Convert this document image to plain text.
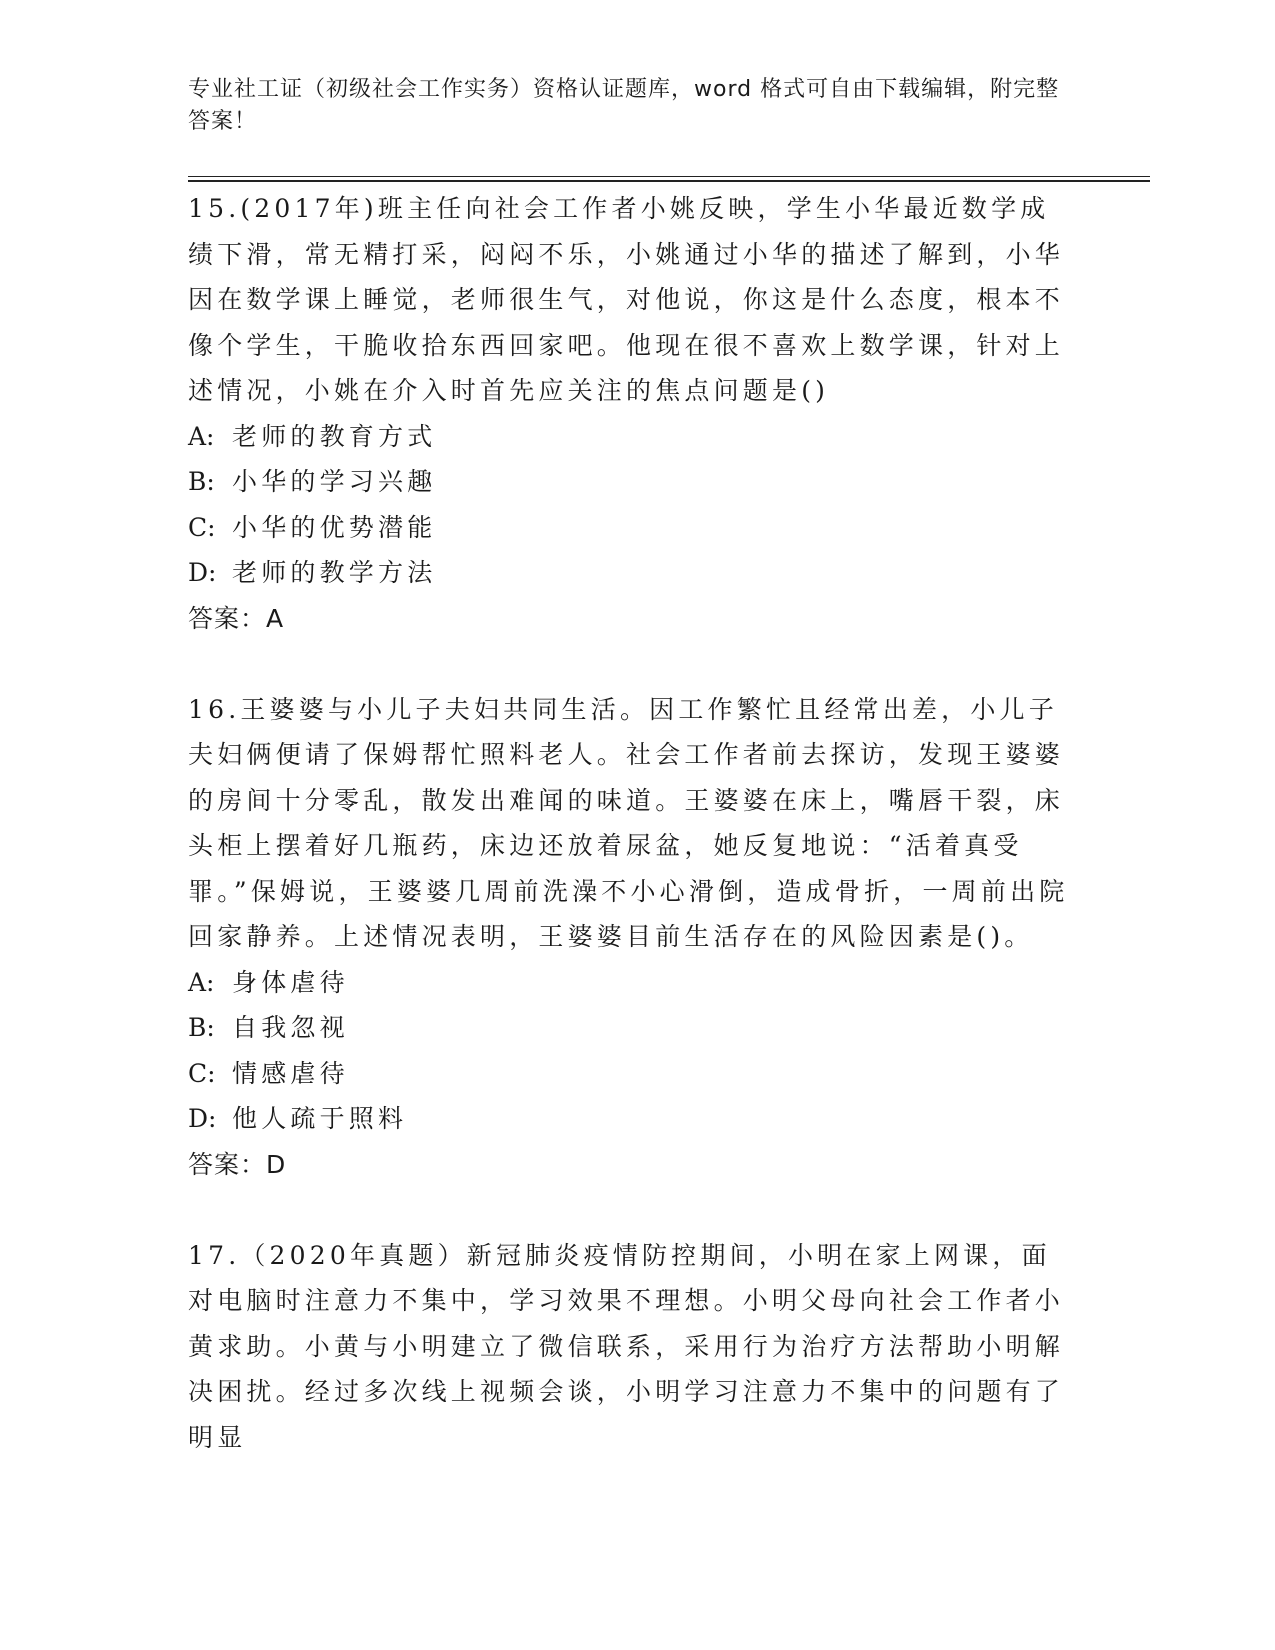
专业社工证（初级社会工作实务）资格认证题库，word 格式可自由下载编辑，附完整答案！

15.(2017年)班主任向社会工作者小姚反映，学生小华最近数学成绩下滑，常无精打采，闷闷不乐，小姚通过小华的描述了解到，小华因在数学课上睡觉，老师很生气，对他说，你这是什么态度，根本不像个学生，干脆收拾东西回家吧。他现在很不喜欢上数学课，针对上述情况，小姚在介入时首先应关注的焦点问题是()

A: 老师的教育方式
B: 小华的学习兴趣
C: 小华的优势潜能
D: 老师的教学方法

答案：A

16.王婆婆与小儿子夫妇共同生活。因工作繁忙且经常出差，小儿子夫妇俩便请了保姆帮忙照料老人。社会工作者前去探访，发现王婆婆的房间十分零乱，散发出难闻的味道。王婆婆在床上，嘴唇干裂，床头柜上摆着好几瓶药，床边还放着尿盆，她反复地说：“活着真受罪。”保姆说，王婆婆几周前洗澡不小心滑倒，造成骨折，一周前出院回家静养。上述情况表明，王婆婆目前生活存在的风险因素是()。

A: 身体虐待
B: 自我忽视
C: 情感虐待
D: 他人疏于照料

答案：D

17.（2020年真题）新冠肺炎疫情防控期间，小明在家上网课，面对电脑时注意力不集中，学习效果不理想。小明父母向社会工作者小黄求助。小黄与小明建立了微信联系，采用行为治疗方法帮助小明解决困扰。经过多次线上视频会谈，小明学习注意力不集中的问题有了明显
